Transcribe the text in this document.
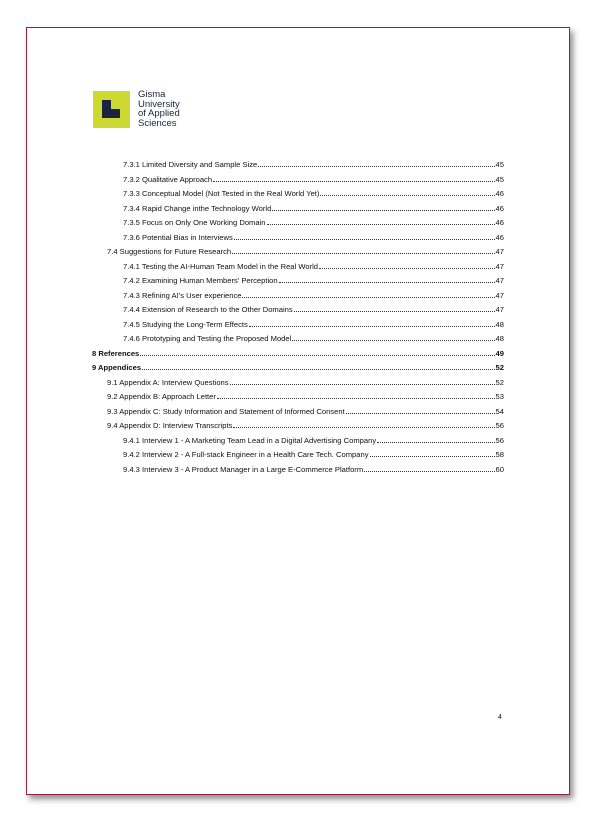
Gisma
University
of Applied
Sciences
7.3.1 Limited Diversity and Sample Size	45
7.3.2 Qualitative Approach	45
7.3.3 Conceptual Model (Not Tested in the Real World Yet)	46
7.3.4 Rapid Change inthe Technology World	46
7.3.5 Focus on Only One Working Domain	46
7.3.6 Potential Bias in Interviews	46
7.4 Suggestions for Future Research	47
7.4.1 Testing the AI-Human Team Model in the Real World	47
7.4.2 Examining Human Members’ Perception	47
7.4.3 Refining AI’s User experience	47
7.4.4 Extension of Research to the Other Domains	47
7.4.5 Studying the Long-Term Effects	48
7.4.6 Prototyping and Testing the Proposed Model	48
8 References	49
9 Appendices	52
9.1 Appendix A: Interview Questions	52
9.2 Appendix B: Approach Letter	53
9.3 Appendix C: Study Information and Statement of Informed Consent	54
9.4 Appendix D: Interview Transcripts	56
9.4.1 Interview 1 - A Marketing Team Lead in a Digital Advertising Company	56
9.4.2 Interview 2 - A Full-stack Engineer in a Health Care Tech. Company	58
9.4.3 Interview 3 - A Product Manager in a Large E-Commerce Platform	60
4
